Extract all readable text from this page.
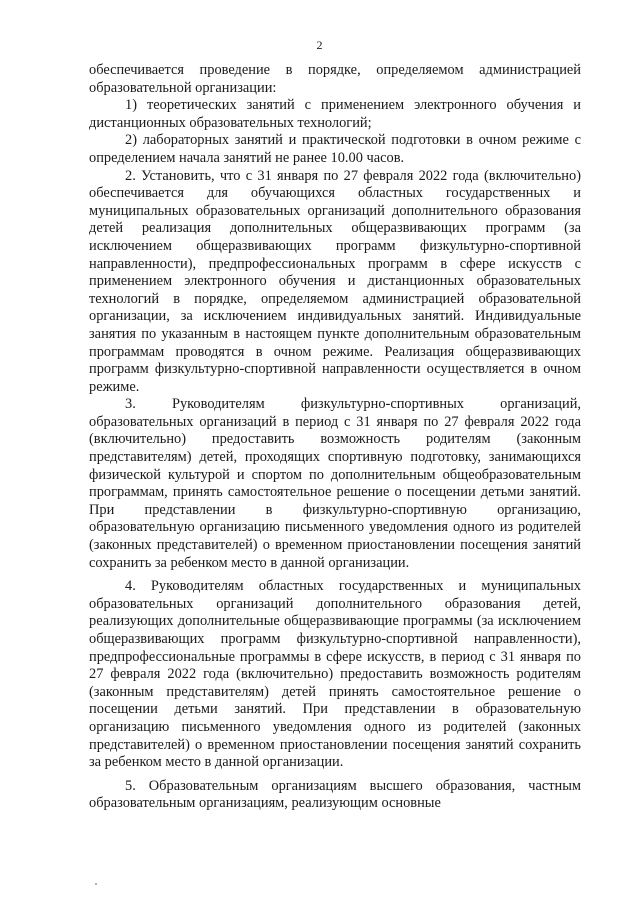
2

обеспечивается проведение в порядке, определяемом администрацией образовательной организации:

1) теоретических занятий с применением электронного обучения и дистанционных образовательных технологий;

2) лабораторных занятий и практической подготовки в очном режиме с определением начала занятий не ранее 10.00 часов.

2. Установить, что с 31 января по 27 февраля 2022 года (включительно) обеспечивается для обучающихся областных государственных и муниципальных образовательных организаций дополнительного образования детей реализация дополнительных общеразвивающих программ (за исключением общеразвивающих программ физкультурно-спортивной направленности), предпрофессиональных программ в сфере искусств с применением электронного обучения и дистанционных образовательных технологий в порядке, определяемом администрацией образовательной организации, за исключением индивидуальных занятий. Индивидуальные занятия по указанным в настоящем пункте дополнительным образовательным программам проводятся в очном режиме. Реализация общеразвивающих программ физкультурно-спортивной направленности осуществляется в очном режиме.

3. Руководителям физкультурно-спортивных организаций, образовательных организаций в период с 31 января по 27 февраля 2022 года (включительно) предоставить возможность родителям (законным представителям) детей, проходящих спортивную подготовку, занимающихся физической культурой и спортом по дополнительным общеобразовательным программам, принять самостоятельное решение о посещении детьми занятий. При представлении в физкультурно-спортивную организацию, образовательную организацию письменного уведомления одного из родителей (законных представителей) о временном приостановлении посещения занятий сохранить за ребенком место в данной организации.

4. Руководителям областных государственных и муниципальных образовательных организаций дополнительного образования детей, реализующих дополнительные общеразвивающие программы (за исключением общеразвивающих программ физкультурно-спортивной направленности), предпрофессиональные программы в сфере искусств, в период с 31 января по 27 февраля 2022 года (включительно) предоставить возможность родителям (законным представителям) детей принять самостоятельное решение о посещении детьми занятий. При представлении в образовательную организацию письменного уведомления одного из родителей (законных представителей) о временном приостановлении посещения занятий сохранить за ребенком место в данной организации.

5. Образовательным организациям высшего образования, частным образовательным организациям, реализующим основные
